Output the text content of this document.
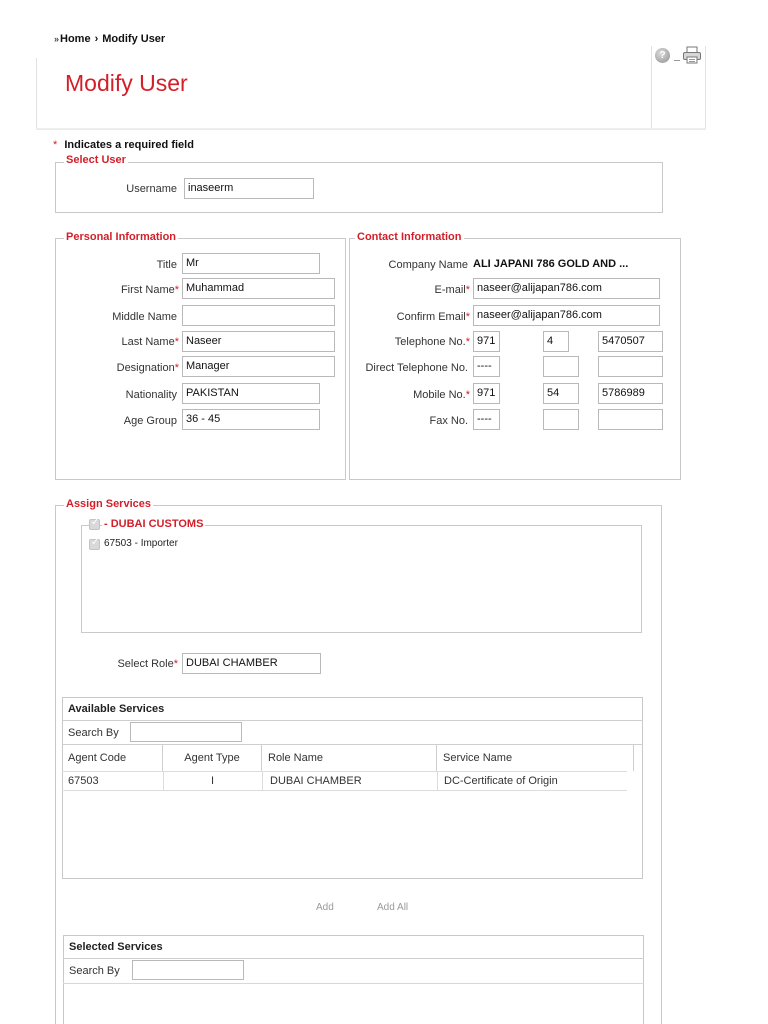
»Home › Modify User
Modify User
?
* Indicates a required field
Select User
Username	inaseerm
Personal Information
Title Mr
First Name* Muhammad
Middle Name
Last Name* Naseer
Designation* Manager
Nationality PAKISTAN
Age Group 36 - 45
Contact Information
Company Name ALI JAPANI 786 GOLD AND ...
E-mail* naseer@alijapan786.com
Confirm Email* naseer@alijapan786.com
Telephone No.* 971	4	5470507
Direct Telephone No. ----
Mobile No.* 971	54	5786989
Fax No. ----
Assign Services
✓
- DUBAI CUSTOMS
✓
67503 - Importer
Select Role* DUBAI CHAMBER
Available Services
Search By
Agent Code	Agent Type	Role Name	Service Name
67503	I	DUBAI CHAMBER	DC-Certificate of Origin
Add	Add All
Selected Services
Search By
